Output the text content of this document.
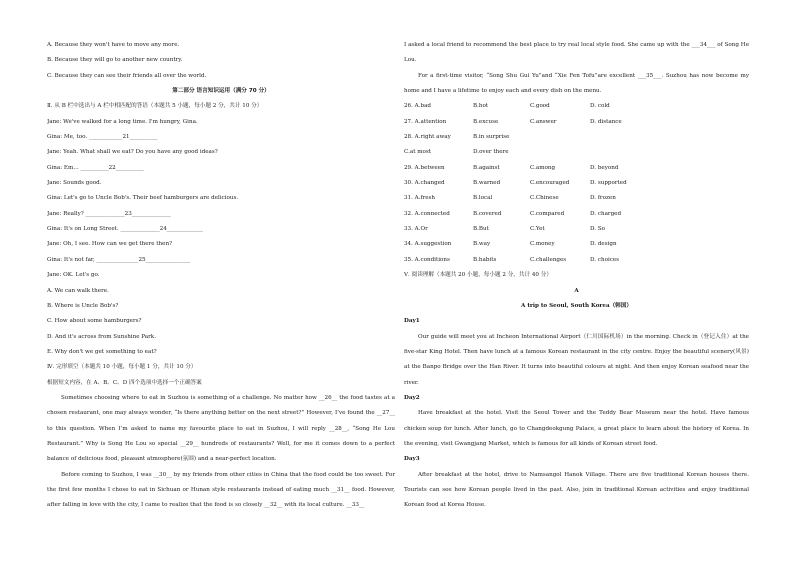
A. Because they won't have to move any more.
B. Because they will go to another new country.
C. Because they can see their friends all over the world.
第二部分 语言知识运用（满分 70 分）
Ⅱ. 从 B 栏中选出与 A 栏中相匹配的答语（本题共 5 小题，每小题 2 分，共计 10 分）
Jane: We've walked for a long time. I'm hungry, Gina.
Gina: Me, too. ____________21__________
Jane: Yeah. What shall we eat? Do you have any good ideas?
Gina: Em… __________22__________
Jane: Sounds good.
Gina: Let's go to Uncle Bob's. Their beef hamburgers are delicious.
Jane: Really? ______________23______________
Gina: It's on Long Street. ______________24_____________
Jane: Oh, I see. How can we get there then?
Gina: It's not far, _______________25________________
Jane: OK. Let's go.
A. We can walk there.
B. Where is Uncle Bob's?
C. How about some hamburgers?
D. And it's across from Sunshine Park.
E. Why don't we get something to eat?
Ⅳ. 完形填空（本题共 10 小题，每小题 1 分，共计 10 分）
根据短文内容，在 A、B、C、D 四个选项中选择一个正确答案
Sometimes choosing where to eat in Suzhou is something of a challenge. No matter how __26__ the food tastes at a chosen restaurant, one may always wonder, “Is there anything better on the next street?” However, I’ve found the __27__ to this question. When I’m asked to name my favourite place to eat in Suzhou, I will reply __28__, “Song He Lou Restaurant.” Why is Song He Lou so special __29__ hundreds of restaurants? Well, for me it comes down to a perfect balance of delicious food, pleasant atmosphere(氛围) and a near-perfect location.
Before coming to Suzhou, I was __30__ by my friends from other cities in China that the food could be too sweet. For the first few months I chose to eat in Sichuan or Hunan style restaurants instead of eating much __31__ food. However, after falling in love with the city, I came to realize that the food is so closely __32__ with its local culture. __33__
I asked a local friend to recommend the best place to try real local style food. She came up with the ___34___ of Song He Lou.
For a first-time visitor, “Song Shu Gui Yu”and “Xie Fen Tofu”are excellent ___35___. Suzhou has now become my home and I have a lifetime to enjoy each and every dish on the menu.
26. A.bad	B.hot	C.good	D. cold
27. A.attention	B.excuse	C.answer	D. distance
28. A.right away	B.in surprise
C.at most	D.over there
29. A.between	B.against	C.among	D. beyond
30. A.changed	B.warned	C.encouraged	D. supported
31. A.fresh	B.local	C.Chinese	D. frozen
32. A.connected	B.covered	C.compared	D. charged
33. A.Or	B.But	C.Yet	D. So
34. A.suggestion	B.way	C.money	D. design
35. A.conditions	B.habits	C.challenges	D. choices
Ⅴ. 阅读理解（本题共 20 小题，每小题 2 分，共计 40 分）
A
A trip to Seoul, South Korea（韩国）
Day1
Our guide will meet you at Incheon International Airport（仁川国际机场）in the morning. Check in（登记入住）at the five-star King Hotel. Then have lunch at a famous Korean restaurant in the city centre. Enjoy the beautiful scenery(风景) at the Banpo Bridge over the Han River. It turns into beautiful colours at night. And then enjoy Korean seafood near the river.
Day2
Have breakfast at the hotel. Visit the Seoul Tower and the Teddy Bear Museum near the hotel. Have famous chicken soup for lunch. After lunch, go to Changdeokgung Palace, a great place to learn about the history of Korea. In the evening, visit Gwangjang Market, which is famous for all kinds of Korean street food.
Day3
After breakfast at the hotel, drive to Namsangol Hanok Village. There are five traditional Korean houses there. Tourists can see how Korean people lived in the past. Also, join in traditional Korean activities and enjoy traditional Korean food at Korea House.
